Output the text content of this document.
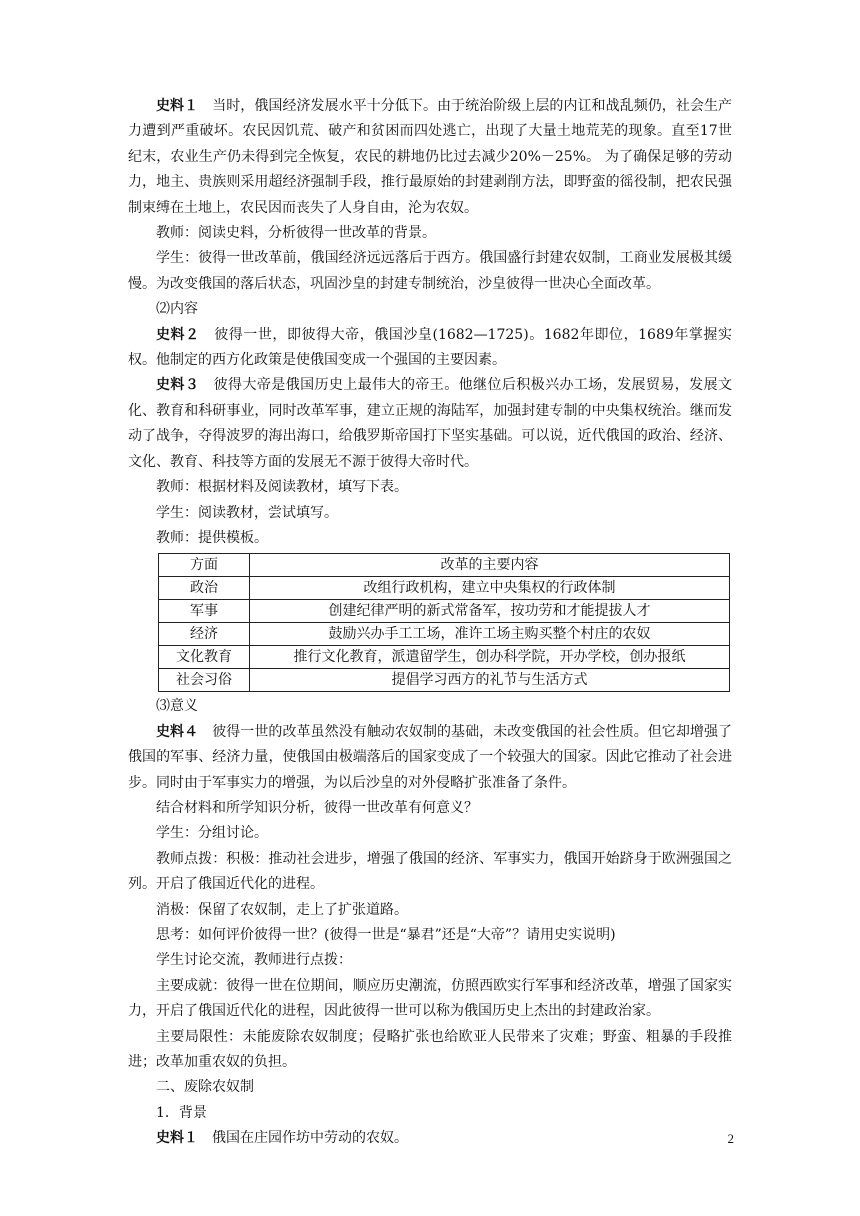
史料１ 当时，俄国经济发展水平十分低下。由于统治阶级上层的内讧和战乱频仍，社会生产力遭到严重破坏。农民因饥荒、破产和贫困而四处逃亡，出现了大量土地荒芜的现象。直至17世纪末，农业生产仍未得到完全恢复，农民的耕地仍比过去减少20%－25%。 为了确保足够的劳动力，地主、贵族则采用超经济强制手段，推行最原始的封建剥削方法，即野蛮的徭役制，把农民强制束缚在土地上，农民因而丧失了人身自由，沦为农奴。

教师：阅读史料，分析彼得一世改革的背景。

学生：彼得一世改革前，俄国经济远远落后于西方。俄国盛行封建农奴制，工商业发展极其缓慢。为改变俄国的落后状态，巩固沙皇的封建专制统治，沙皇彼得一世决心全面改革。

⑵内容

史料２ 彼得一世，即彼得大帝，俄国沙皇(1682—1725)。1682年即位，1689年掌握实权。他制定的西方化政策是使俄国变成一个强国的主要因素。

史料３ 彼得大帝是俄国历史上最伟大的帝王。他继位后积极兴办工场，发展贸易，发展文化、教育和科研事业，同时改革军事，建立正规的海陆军，加强封建专制的中央集权统治。继而发动了战争，夺得波罗的海出海口，给俄罗斯帝国打下坚实基础。可以说，近代俄国的政治、经济、文化、教育、科技等方面的发展无不源于彼得大帝时代。

教师：根据材料及阅读教材，填写下表。

学生：阅读教材，尝试填写。

教师：提供模板。

方面	改革的主要内容
政治	改组行政机构，建立中央集权的行政体制
军事	创建纪律严明的新式常备军，按功劳和才能提拔人才
经济	鼓励兴办手工工场，准许工场主购买整个村庄的农奴
文化教育	推行文化教育，派遣留学生，创办科学院，开办学校，创办报纸
社会习俗	提倡学习西方的礼节与生活方式

⑶意义

史料４ 彼得一世的改革虽然没有触动农奴制的基础，未改变俄国的社会性质。但它却增强了俄国的军事、经济力量，使俄国由极端落后的国家变成了一个较强大的国家。因此它推动了社会进步。同时由于军事实力的增强，为以后沙皇的对外侵略扩张准备了条件。

结合材料和所学知识分析，彼得一世改革有何意义？

学生：分组讨论。

教师点拨：积极：推动社会进步，增强了俄国的经济、军事实力，俄国开始跻身于欧洲强国之列。开启了俄国近代化的进程。

消极：保留了农奴制，走上了扩张道路。

思考：如何评价彼得一世？(彼得一世是“暴君”还是“大帝”？请用史实说明)

学生讨论交流，教师进行点拨：

主要成就：彼得一世在位期间，顺应历史潮流，仿照西欧实行军事和经济改革，增强了国家实力，开启了俄国近代化的进程，因此彼得一世可以称为俄国历史上杰出的封建政治家。

主要局限性：未能废除农奴制度；侵略扩张也给欧亚人民带来了灾难；野蛮、粗暴的手段推进；改革加重农奴的负担。

二、废除农奴制

1．背景

史料１ 俄国在庄园作坊中劳动的农奴。	2
